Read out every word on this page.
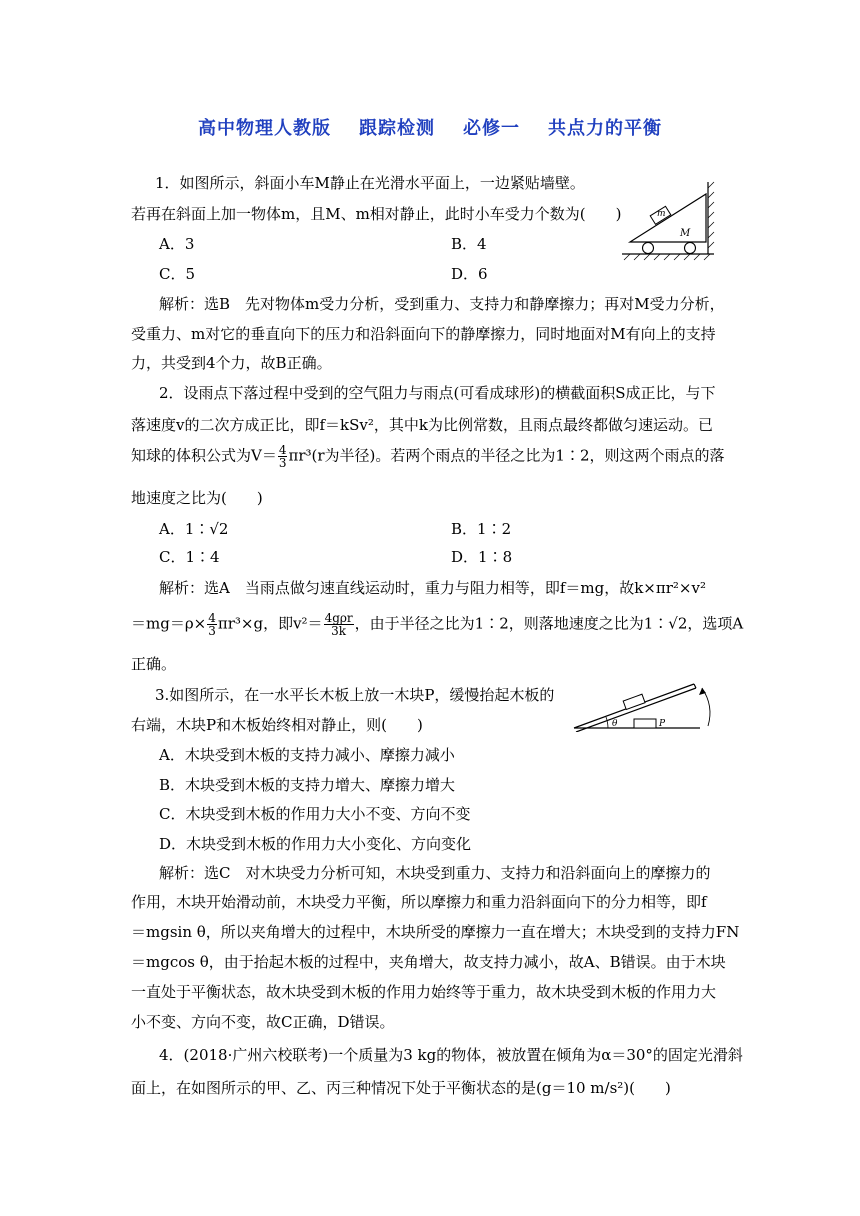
高中物理人教版 跟踪检测 必修一 共点力的平衡
1．如图所示，斜面小车M静止在光滑水平面上，一边紧贴墙壁。
若再在斜面上加一物体m，且M、m相对静止，此时小车受力个数为(　　)
A．3	B．4
C．5	D．6
m
M
解析：选B　先对物体m受力分析，受到重力、支持力和静摩擦力；再对M受力分析，
受重力、m对它的垂直向下的压力和沿斜面向下的静摩擦力，同时地面对M有向上的支持
力，共受到4个力，故B正确。
2．设雨点下落过程中受到的空气阻力与雨点(可看成球形)的横截面积S成正比，与下
落速度v的二次方成正比，即f＝kSv²，其中k为比例常数，且雨点最终都做匀速运动。已
知球的体积公式为$V= \frac{4}{3} \pi r^3(r$为半径)。若两个雨点的半径之比为1∶2，则这两个雨点的落
地速度之比为(　　)
A．1∶√2	B．1∶2
C．1∶4	D．1∶8
解析：选A　当雨点做匀速直线运动时，重力与阻力相等，即f＝mg，故k×πr²×v²
$=mg=\rho\times \frac{4}{3} \pi r^3\times g$，即$v^2= \frac{\text{4gρr}}{3k}$ ，由于半径之比为1∶2，则落地速度之比为1∶√2，选项A
正确。
3.如图所示，在一水平长木板上放一木块P，缓慢抬起木板的
右端，木块P和木板始终相对静止，则(　　)	θ	P
A．木块受到木板的支持力减小、摩擦力减小
B．木块受到木板的支持力增大、摩擦力增大
C．木块受到木板的作用力大小不变、方向不变
D．木块受到木板的作用力大小变化、方向变化
解析：选C　对木块受力分析可知，木块受到重力、支持力和沿斜面向上的摩擦力的
作用，木块开始滑动前，木块受力平衡，所以摩擦力和重力沿斜面向下的分力相等，即f
＝mgsin θ，所以夹角增大的过程中，木块所受的摩擦力一直在增大；木块受到的支持力FN
＝mgcos θ，由于抬起木板的过程中，夹角增大，故支持力减小，故A、B错误。由于木块
一直处于平衡状态，故木块受到木板的作用力始终等于重力，故木块受到木板的作用力大
小不变、方向不变，故C正确，D错误。
4．(2018·广州六校联考)一个质量为3 kg的物体，被放置在倾角为α＝30°的固定光滑斜
面上，在如图所示的甲、乙、丙三种情况下处于平衡状态的是(g＝10 m/s²)(　　)
